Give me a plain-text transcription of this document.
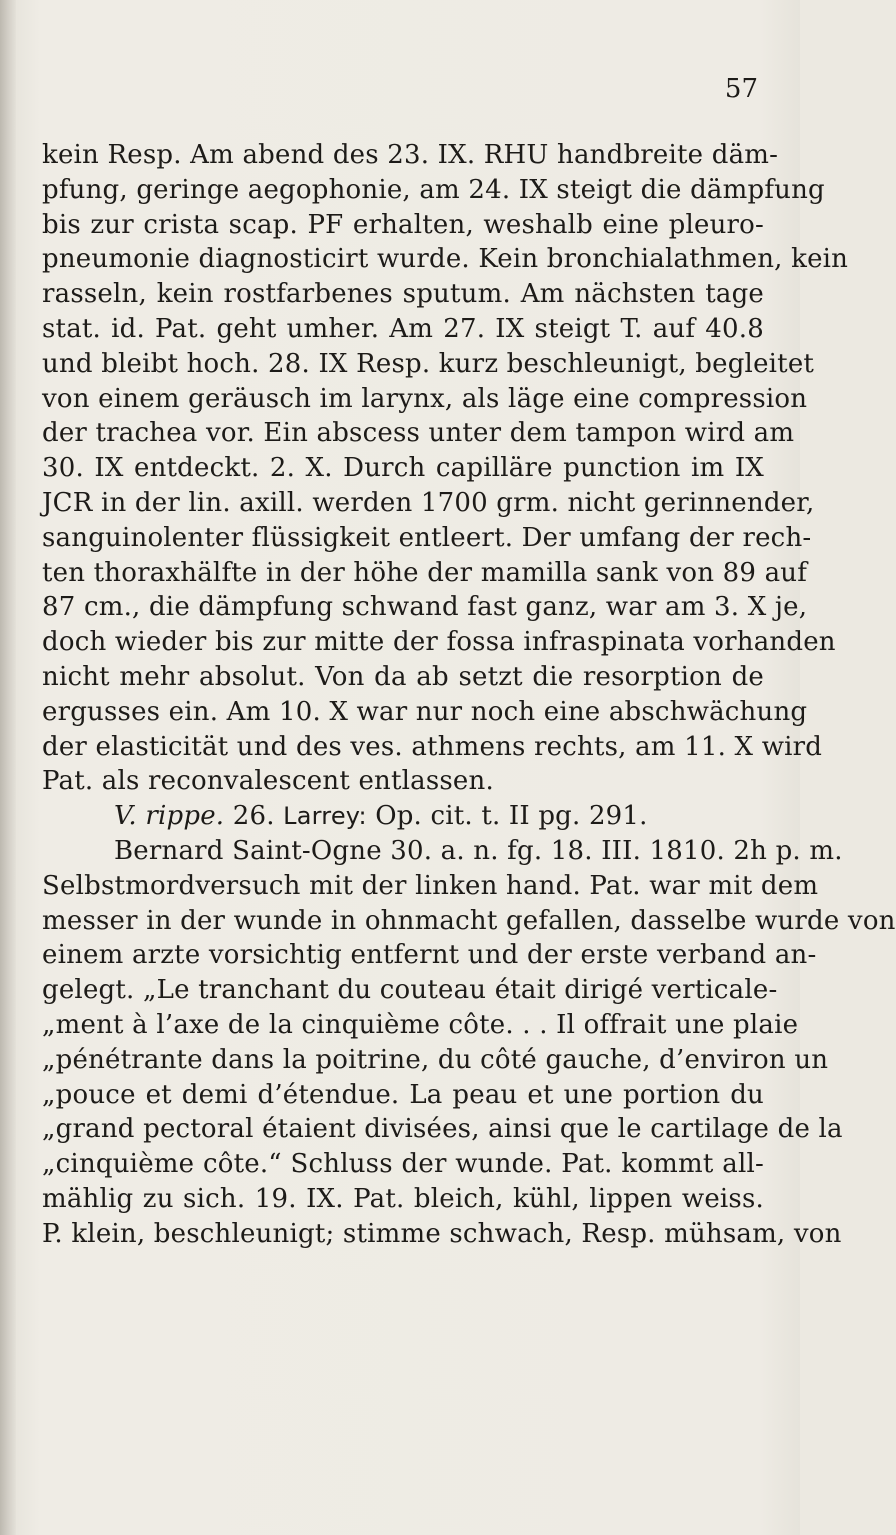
57
kein Resp. Am abend des 23. IX. RHU handbreite däm-
pfung, geringe aegophonie, am 24. IX steigt die dämpfung
bis zur crista scap. PF erhalten, weshalb eine pleuro-
pneumonie diagnosticirt wurde. Kein bronchialathmen, kein
rasseln, kein rostfarbenes sputum. Am nächsten tage
stat. id. Pat. geht umher. Am 27. IX steigt T. auf 40.8
und bleibt hoch. 28. IX Resp. kurz beschleunigt, begleitet
von einem geräusch im larynx, als läge eine compression
der trachea vor. Ein abscess unter dem tampon wird am
30. IX entdeckt. 2. X. Durch capilläre punction im IX
JCR in der lin. axill. werden 1700 grm. nicht gerinnender,
sanguinolenter flüssigkeit entleert. Der umfang der rech-
ten thoraxhälfte in der höhe der mamilla sank von 89 auf
87 cm., die dämpfung schwand fast ganz, war am 3. X je,
doch wieder bis zur mitte der fossa infraspinata vorhanden
nicht mehr absolut. Von da ab setzt die resorption de
ergusses ein. Am 10. X war nur noch eine abschwächung
der elasticität und des ves. athmens rechts, am 11. X wird
Pat. als reconvalescent entlassen.
V. rippe. 26. Larrey: Op. cit. t. II pg. 291.
Bernard Saint-Ogne 30. a. n. fg. 18. III. 1810. 2h p. m.
Selbstmordversuch mit der linken hand. Pat. war mit dem
messer in der wunde in ohnmacht gefallen, dasselbe wurde von
einem arzte vorsichtig entfernt und der erste verband an-
gelegt. „Le tranchant du couteau était dirigé verticale-
„ment à l’axe de la cinquième côte. . . Il offrait une plaie
„pénétrante dans la poitrine, du côté gauche, d’environ un
„pouce et demi d’étendue. La peau et une portion du
„grand pectoral étaient divisées, ainsi que le cartilage de la
„cinquième côte.“ Schluss der wunde. Pat. kommt all-
mählig zu sich. 19. IX. Pat. bleich, kühl, lippen weiss.
P. klein, beschleunigt; stimme schwach, Resp. mühsam, von
